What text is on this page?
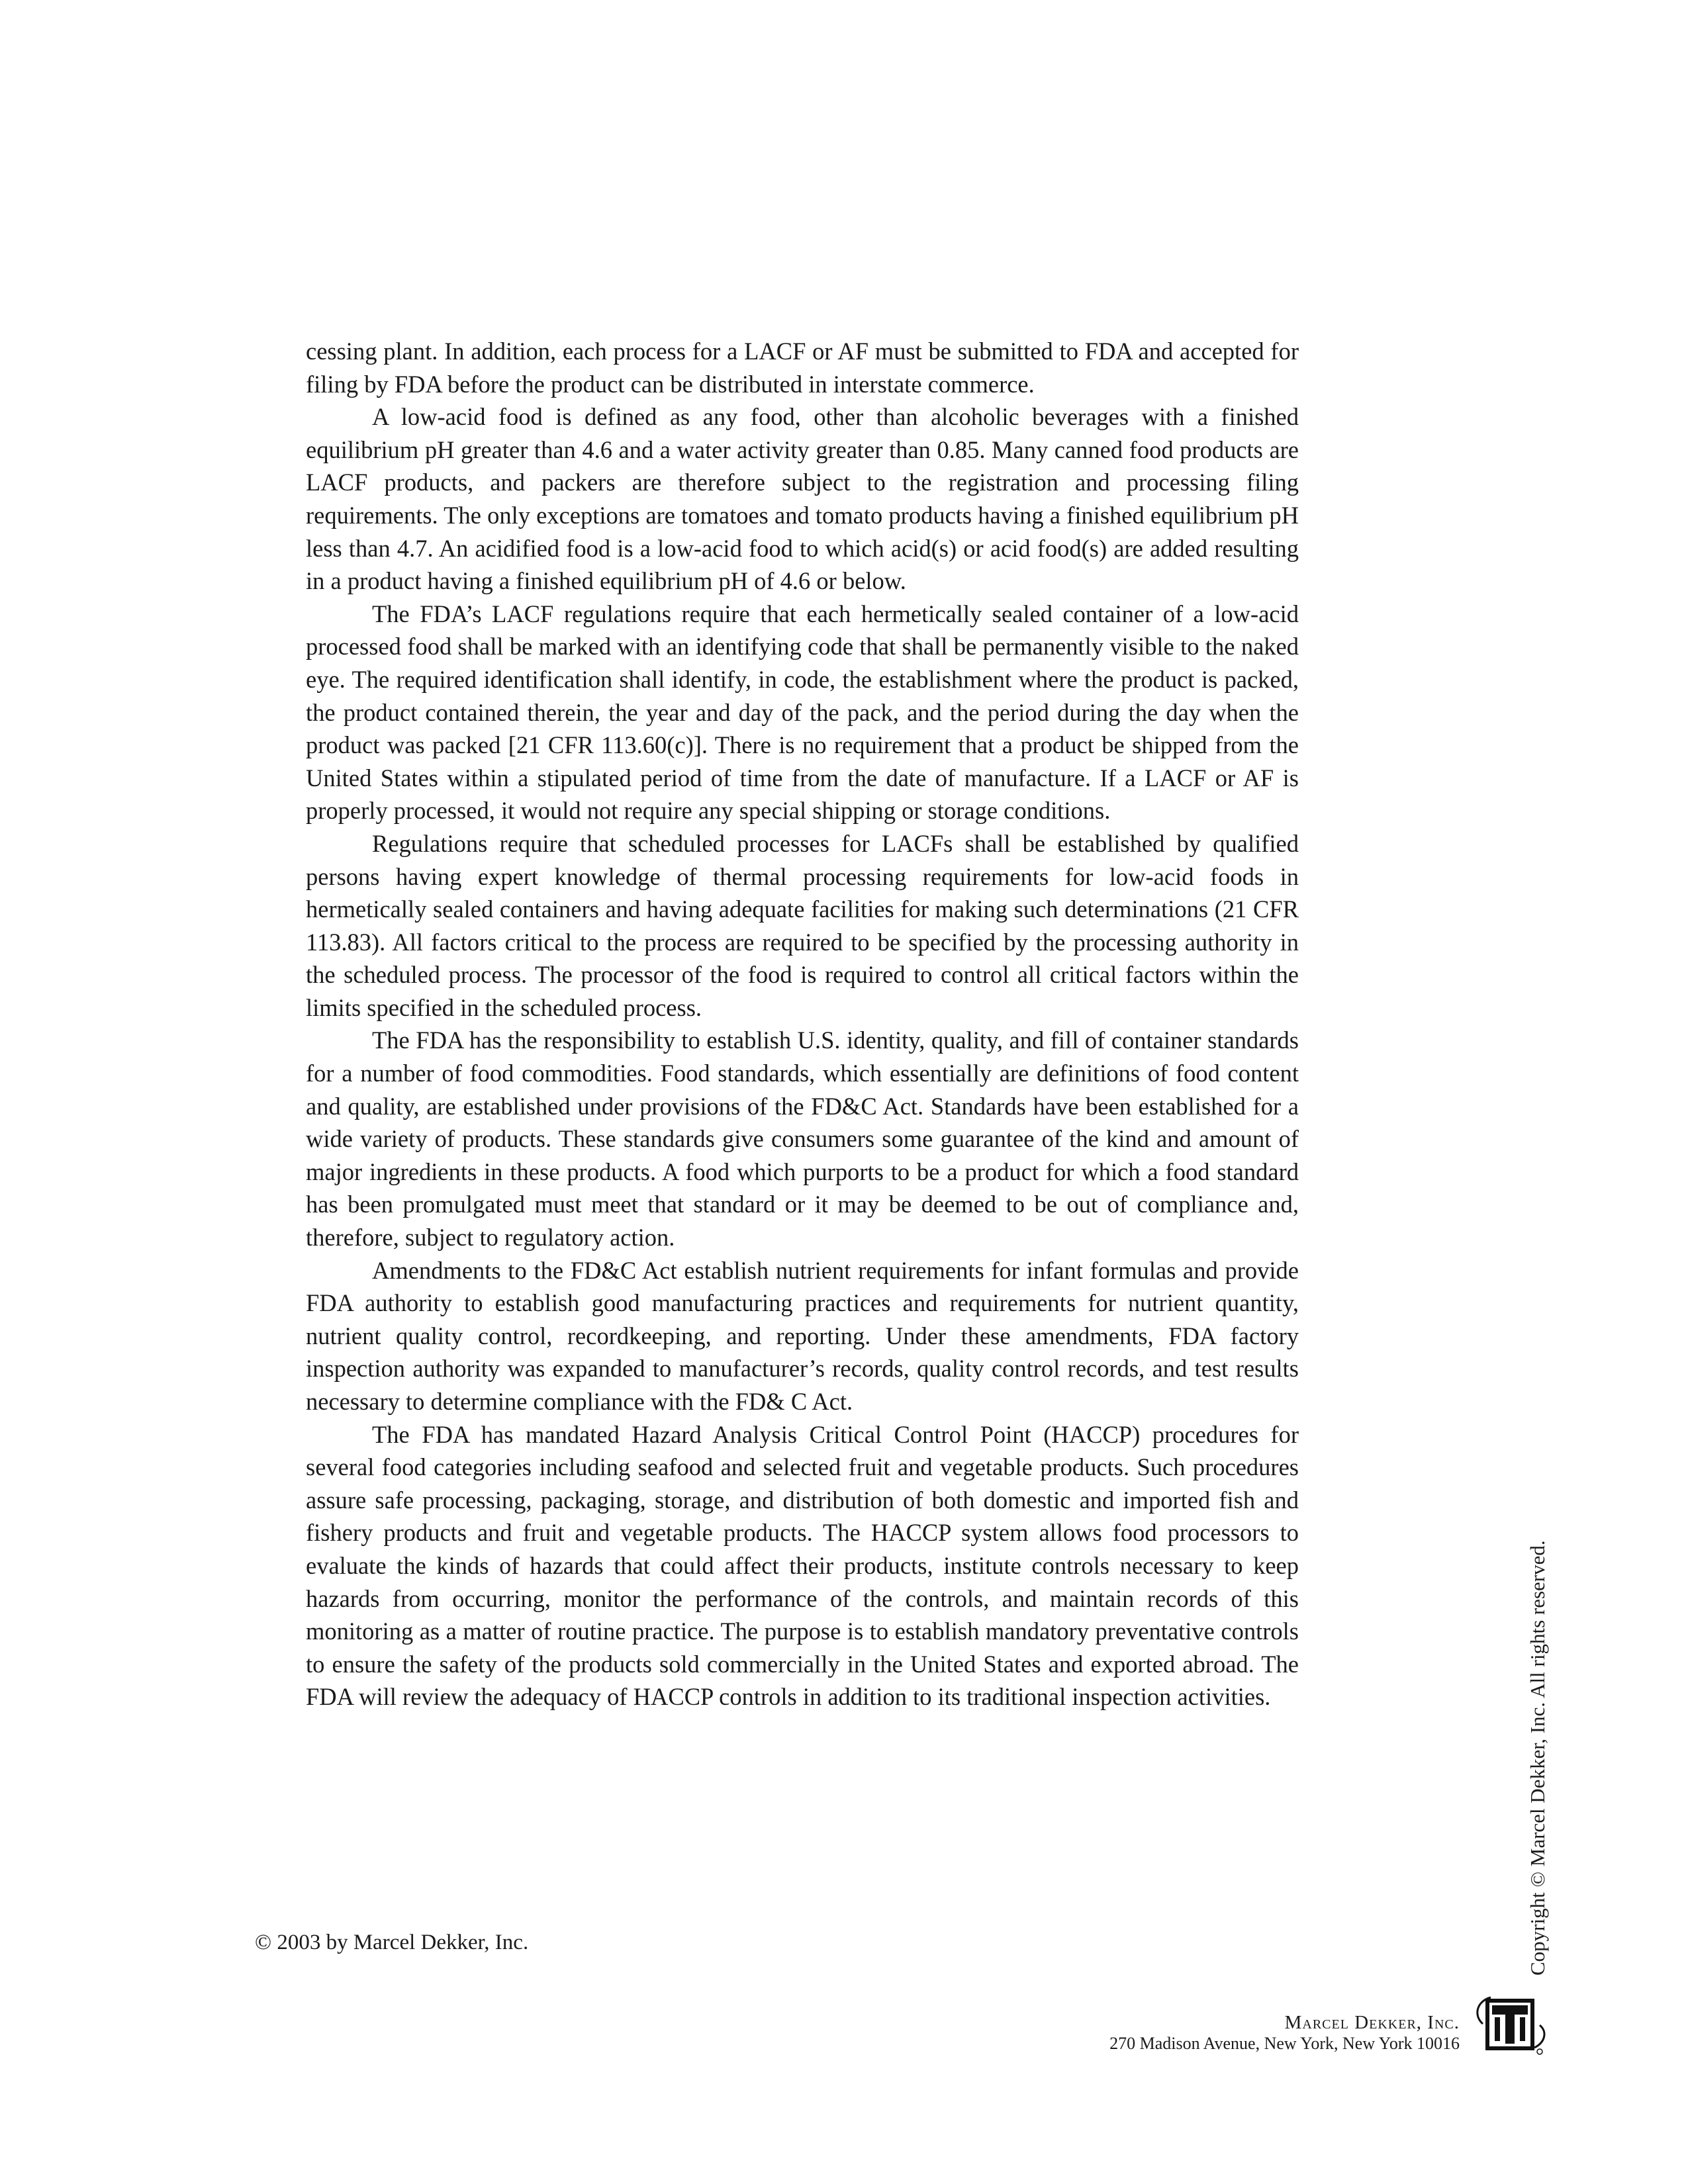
cessing plant. In addition, each process for a LACF or AF must be submitted to FDA and accepted for filing by FDA before the product can be distributed in interstate commerce.

A low-acid food is defined as any food, other than alcoholic beverages with a finished equilibrium pH greater than 4.6 and a water activity greater than 0.85. Many canned food products are LACF products, and packers are therefore subject to the registration and processing filing requirements. The only exceptions are tomatoes and tomato products having a finished equilibrium pH less than 4.7. An acidified food is a low-acid food to which acid(s) or acid food(s) are added resulting in a product having a finished equilibrium pH of 4.6 or below.

The FDA’s LACF regulations require that each hermetically sealed container of a low-acid processed food shall be marked with an identifying code that shall be permanently visible to the naked eye. The required identification shall identify, in code, the establishment where the product is packed, the product contained therein, the year and day of the pack, and the period during the day when the product was packed [21 CFR 113.60(c)]. There is no requirement that a product be shipped from the United States within a stipulated period of time from the date of manufacture. If a LACF or AF is properly processed, it would not require any special shipping or storage conditions.

Regulations require that scheduled processes for LACFs shall be established by qualified persons having expert knowledge of thermal processing requirements for low-acid foods in hermetically sealed containers and having adequate facilities for making such determinations (21 CFR 113.83). All factors critical to the process are required to be specified by the processing authority in the scheduled process. The processor of the food is required to control all critical factors within the limits specified in the scheduled process.

The FDA has the responsibility to establish U.S. identity, quality, and fill of container standards for a number of food commodities. Food standards, which essentially are definitions of food content and quality, are established under provisions of the FD&C Act. Standards have been established for a wide variety of products. These standards give consumers some guarantee of the kind and amount of major ingredients in these products. A food which purports to be a product for which a food standard has been promulgated must meet that standard or it may be deemed to be out of compliance and, therefore, subject to regulatory action.

Amendments to the FD&C Act establish nutrient requirements for infant formulas and provide FDA authority to establish good manufacturing practices and requirements for nutrient quantity, nutrient quality control, recordkeeping, and reporting. Under these amendments, FDA factory inspection authority was expanded to manufacturer’s records, quality control records, and test results necessary to determine compliance with the FD& C Act.

The FDA has mandated Hazard Analysis Critical Control Point (HACCP) procedures for several food categories including seafood and selected fruit and vegetable products. Such procedures assure safe processing, packaging, storage, and distribution of both domestic and imported fish and fishery products and fruit and vegetable products. The HACCP system allows food processors to evaluate the kinds of hazards that could affect their products, institute controls necessary to keep hazards from occurring, monitor the performance of the controls, and maintain records of this monitoring as a matter of routine practice. The purpose is to establish mandatory preventative controls to ensure the safety of the products sold commercially in the United States and exported abroad. The FDA will review the adequacy of HACCP controls in addition to its traditional inspection activities.

© 2003 by Marcel Dekker, Inc.	Copyright © Marcel Dekker, Inc. All rights reserved.
Marcel Dekker, Inc.
270 Madison Avenue, New York, New York 10016
